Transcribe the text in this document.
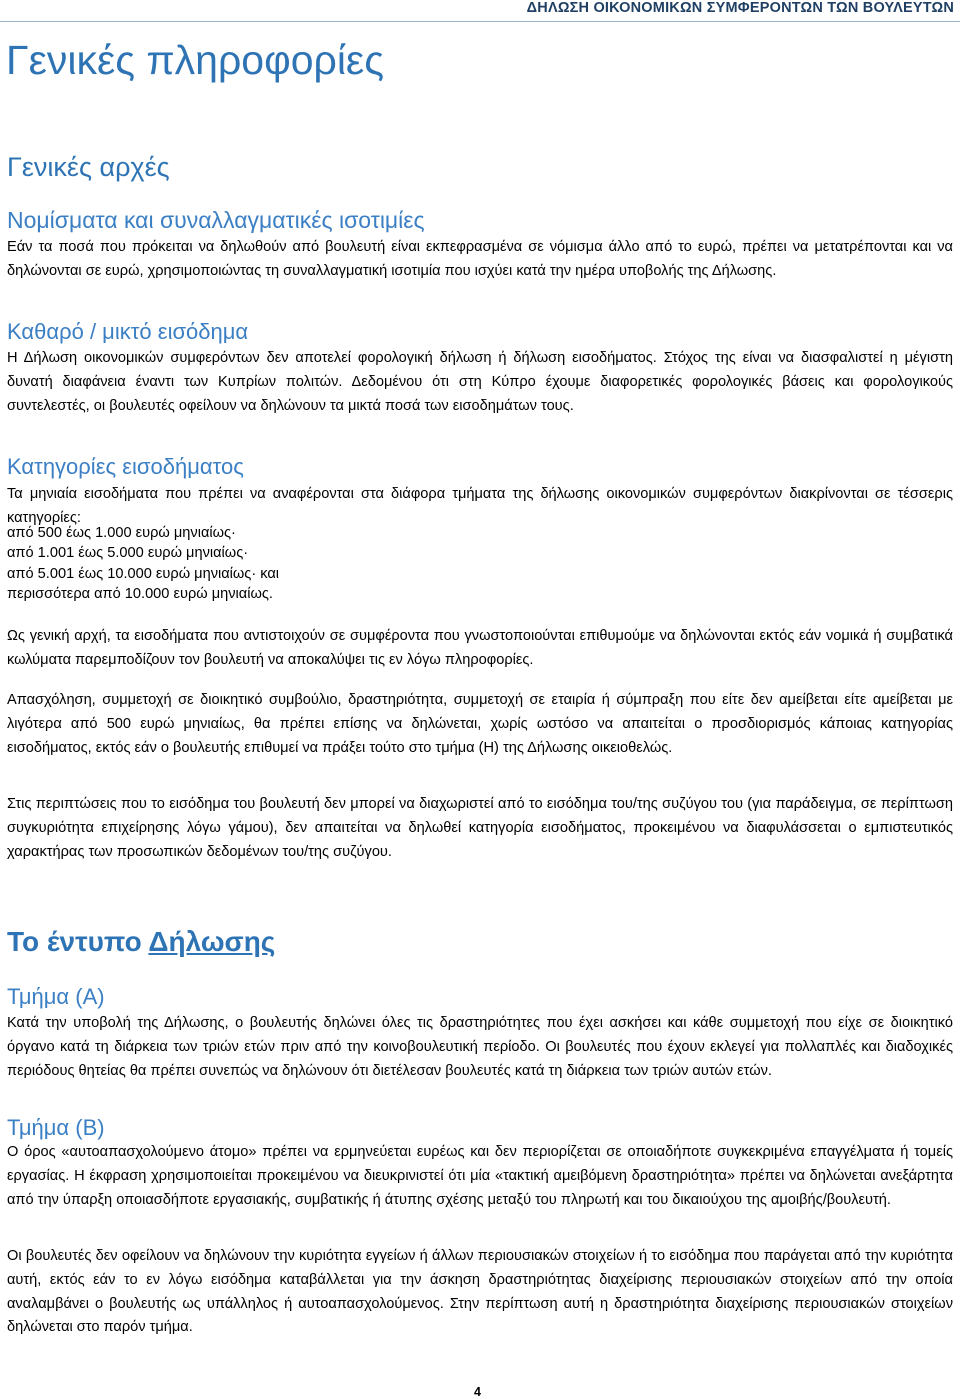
ΔΗΛΩΣΗ ΟΙΚΟΝΟΜΙΚΩΝ ΣΥΜΦΕΡΟΝΤΩΝ ΤΩΝ ΒΟΥΛΕΥΤΩΝ
Γενικές πληροφορίες
Γενικές αρχές
Νομίσματα και συναλλαγματικές ισοτιμίες

Εάν τα ποσά που πρόκειται να δηλωθούν από βουλευτή είναι εκπεφρασμένα σε νόμισμα άλλο από το ευρώ, πρέπει να μετατρέπονται και να δηλώνονται σε ευρώ, χρησιμοποιώντας τη συναλλαγματική ισοτιμία που ισχύει κατά την ημέρα υποβολής της Δήλωσης.

Καθαρό / μικτό εισόδημα

Η Δήλωση οικονομικών συμφερόντων δεν αποτελεί φορολογική δήλωση ή δήλωση εισοδήματος. Στόχος της είναι να διασφαλιστεί η μέγιστη δυνατή διαφάνεια έναντι των Κυπρίων πολιτών. Δεδομένου ότι στη Κύπρο έχουμε διαφορετικές φορολογικές βάσεις και φορολογικούς συντελεστές, οι βουλευτές οφείλουν να δηλώνουν τα μικτά ποσά των εισοδημάτων τους.

Κατηγορίες εισοδήματος

Τα μηνιαία εισοδήματα που πρέπει να αναφέρονται στα διάφορα τμήματα της δήλωσης οικονομικών συμφερόντων διακρίνονται σε τέσσερις κατηγορίες:

από 500 έως 1.000 ευρώ μηνιαίως·
από 1.001 έως 5.000 ευρώ μηνιαίως·
από 5.001 έως 10.000 ευρώ μηνιαίως· και
περισσότερα από 10.000 ευρώ μηνιαίως.

Ως γενική αρχή, τα εισοδήματα που αντιστοιχούν σε συμφέροντα που γνωστοποιούνται επιθυμούμε να δηλώνονται εκτός εάν νομικά ή συμβατικά κωλύματα παρεμποδίζουν τον βουλευτή να αποκαλύψει τις εν λόγω πληροφορίες.

Απασχόληση, συμμετοχή σε διοικητικό συμβούλιο, δραστηριότητα, συμμετοχή σε εταιρία ή σύμπραξη που είτε δεν αμείβεται είτε αμείβεται με λιγότερα από 500 ευρώ μηνιαίως, θα πρέπει επίσης να δηλώνεται, χωρίς ωστόσο να απαιτείται ο προσδιορισμός κάποιας κατηγορίας εισοδήματος, εκτός εάν ο βουλευτής επιθυμεί να πράξει τούτο στο τμήμα (Η) της Δήλωσης οικειοθελώς.

Στις περιπτώσεις που το εισόδημα του βουλευτή δεν μπορεί να διαχωριστεί από το εισόδημα του/της συζύγου του (για παράδειγμα, σε περίπτωση συγκυριότητα επιχείρησης λόγω γάμου), δεν απαιτείται να δηλωθεί κατηγορία εισοδήματος, προκειμένου να διαφυλάσσεται ο εμπιστευτικός χαρακτήρας των προσωπικών δεδομένων του/της συζύγου.

Το έντυπο Δήλωσης
Τμήμα (Α)

Κατά την υποβολή της Δήλωσης, ο βουλευτής δηλώνει όλες τις δραστηριότητες που έχει ασκήσει και κάθε συμμετοχή που είχε σε διοικητικό όργανο κατά τη διάρκεια των τριών ετών πριν από την κοινοβουλευτική περίοδο. Οι βουλευτές που έχουν εκλεγεί για πολλαπλές και διαδοχικές περιόδους θητείας θα πρέπει συνεπώς να δηλώνουν ότι διετέλεσαν βουλευτές κατά τη διάρκεια των τριών αυτών ετών.

Τμήμα (Β)

Ο όρος «αυτοαπασχολούμενο άτομο» πρέπει να ερμηνεύεται ευρέως και δεν περιορίζεται σε οποιαδήποτε συγκεκριμένα επαγγέλματα ή τομείς εργασίας. Η έκφραση χρησιμοποιείται προκειμένου να διευκρινιστεί ότι μία «τακτική αμειβόμενη δραστηριότητα» πρέπει να δηλώνεται ανεξάρτητα από την ύπαρξη οποιασδήποτε εργασιακής, συμβατικής ή άτυπης σχέσης μεταξύ του πληρωτή και του δικαιούχου της αμοιβής/βουλευτή.

Οι βουλευτές δεν οφείλουν να δηλώνουν την κυριότητα εγγείων ή άλλων περιουσιακών στοιχείων ή το εισόδημα που παράγεται από την κυριότητα αυτή, εκτός εάν το εν λόγω εισόδημα καταβάλλεται για την άσκηση δραστηριότητας διαχείρισης περιουσιακών στοιχείων από την οποία αναλαμβάνει ο βουλευτής ως υπάλληλος ή αυτοαπασχολούμενος. Στην περίπτωση αυτή η δραστηριότητα διαχείρισης περιουσιακών στοιχείων δηλώνεται στο παρόν τμήμα.

4
